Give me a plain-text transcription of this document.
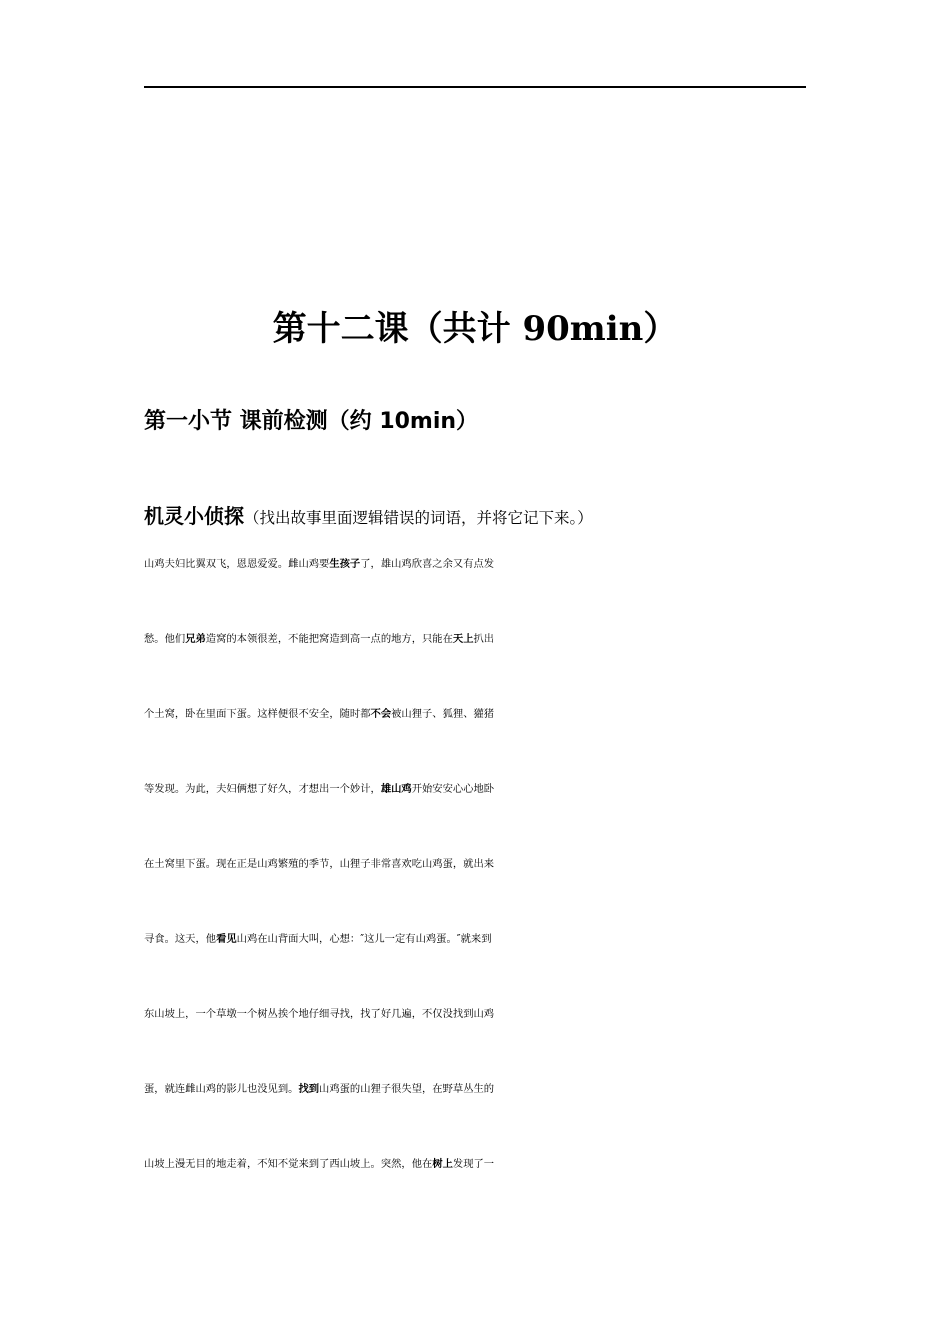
第十二课（共计 90min）
第一小节 课前检测（约 10min）

机灵小侦探（找出故事里面逻辑错误的词语，并将它记下来。）

山鸡夫妇比翼双飞，恩恩爱爱。雌山鸡要生孩子了，雄山鸡欣喜之余又有点发
愁。他们兄弟造窝的本领很差，不能把窝造到高一点的地方，只能在天上扒出
个土窝，卧在里面下蛋。这样便很不安全，随时都不会被山狸子、狐狸、獾猪
等发现。为此，夫妇俩想了好久，才想出一个妙计，雄山鸡开始安安心心地卧
在土窝里下蛋。现在正是山鸡繁殖的季节，山狸子非常喜欢吃山鸡蛋，就出来
寻食。这天，他看见山鸡在山背面大叫，心想：″这儿一定有山鸡蛋。″就来到
东山坡上，一个草墩一个树丛挨个地仔细寻找，找了好几遍，不仅没找到山鸡
蛋，就连雌山鸡的影儿也没见到。找到山鸡蛋的山狸子很失望，在野草丛生的
山坡上漫无目的地走着，不知不觉来到了西山坡上。突然，他在树上发现了一
